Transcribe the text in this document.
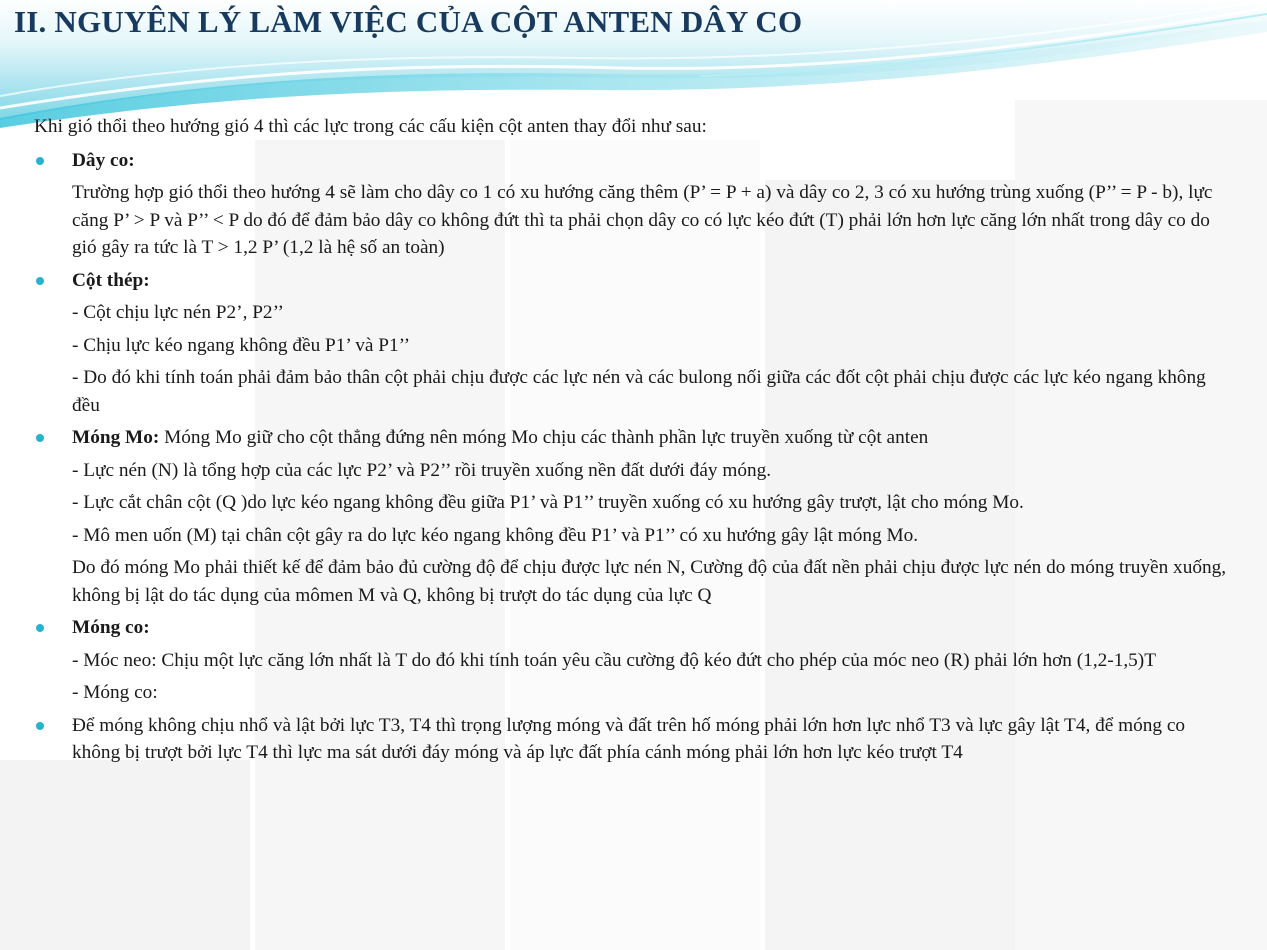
II. NGUYÊN LÝ LÀM VIỆC CỦA CỘT ANTEN DÂY CO

Khi gió thổi theo hướng gió 4 thì các lực trong các cấu kiện cột anten thay đổi như sau:

Dây co:

Trường hợp gió thổi theo hướng 4 sẽ làm cho dây co 1 có xu hướng căng thêm (P’ = P + a) và dây co 2, 3 có xu hướng trùng xuống (P’’ = P - b), lực căng P’ > P và P’’ < P do đó để đảm bảo dây co không đứt thì ta phải chọn dây co có lực kéo đứt (T) phải lớn hơn lực căng lớn nhất trong dây co do gió gây ra tức là T > 1,2 P’ (1,2 là hệ số an toàn)

Cột thép:

- Cột chịu lực nén P2’, P2’’

- Chịu lực kéo ngang không đều P1’ và P1’’

- Do đó khi tính toán phải đảm bảo thân cột phải chịu được các lực nén và các bulong nối giữa các đốt cột phải chịu được các lực kéo ngang không đều

Móng Mo: Móng Mo giữ cho cột thẳng đứng nên móng Mo chịu các thành phần lực truyền xuống từ cột anten

- Lực nén (N) là tổng hợp của các lực P2’ và P2’’ rồi truyền xuống nền đất dưới đáy móng.

- Lực cắt chân cột (Q )do lực kéo ngang không đều giữa P1’ và P1’’ truyền xuống có xu hướng gây trượt, lật cho móng Mo.

- Mô men uốn (M) tại chân cột gây ra do lực kéo ngang không đều P1’ và P1’’ có xu hướng gây lật móng Mo.

Do đó móng Mo phải thiết kế để đảm bảo đủ cường độ để chịu được lực nén N, Cường độ của đất nền phải chịu được lực nén do móng truyền xuống, không bị lật do tác dụng của mômen M và Q, không bị trượt do tác dụng của lực Q

Móng co:

- Móc neo: Chịu một lực căng lớn nhất là T do đó khi tính toán yêu cầu cường độ kéo đứt cho phép của móc neo (R) phải lớn hơn (1,2-1,5)T

- Móng co:

Để móng không chịu nhổ và lật bởi lực T3, T4 thì trọng lượng móng và đất trên hố móng phải lớn hơn lực nhổ T3 và lực gây lật T4, để móng co không bị trượt bởi lực T4 thì lực ma sát dưới đáy móng và áp lực đất phía cánh móng phải lớn hơn lực kéo trượt T4
